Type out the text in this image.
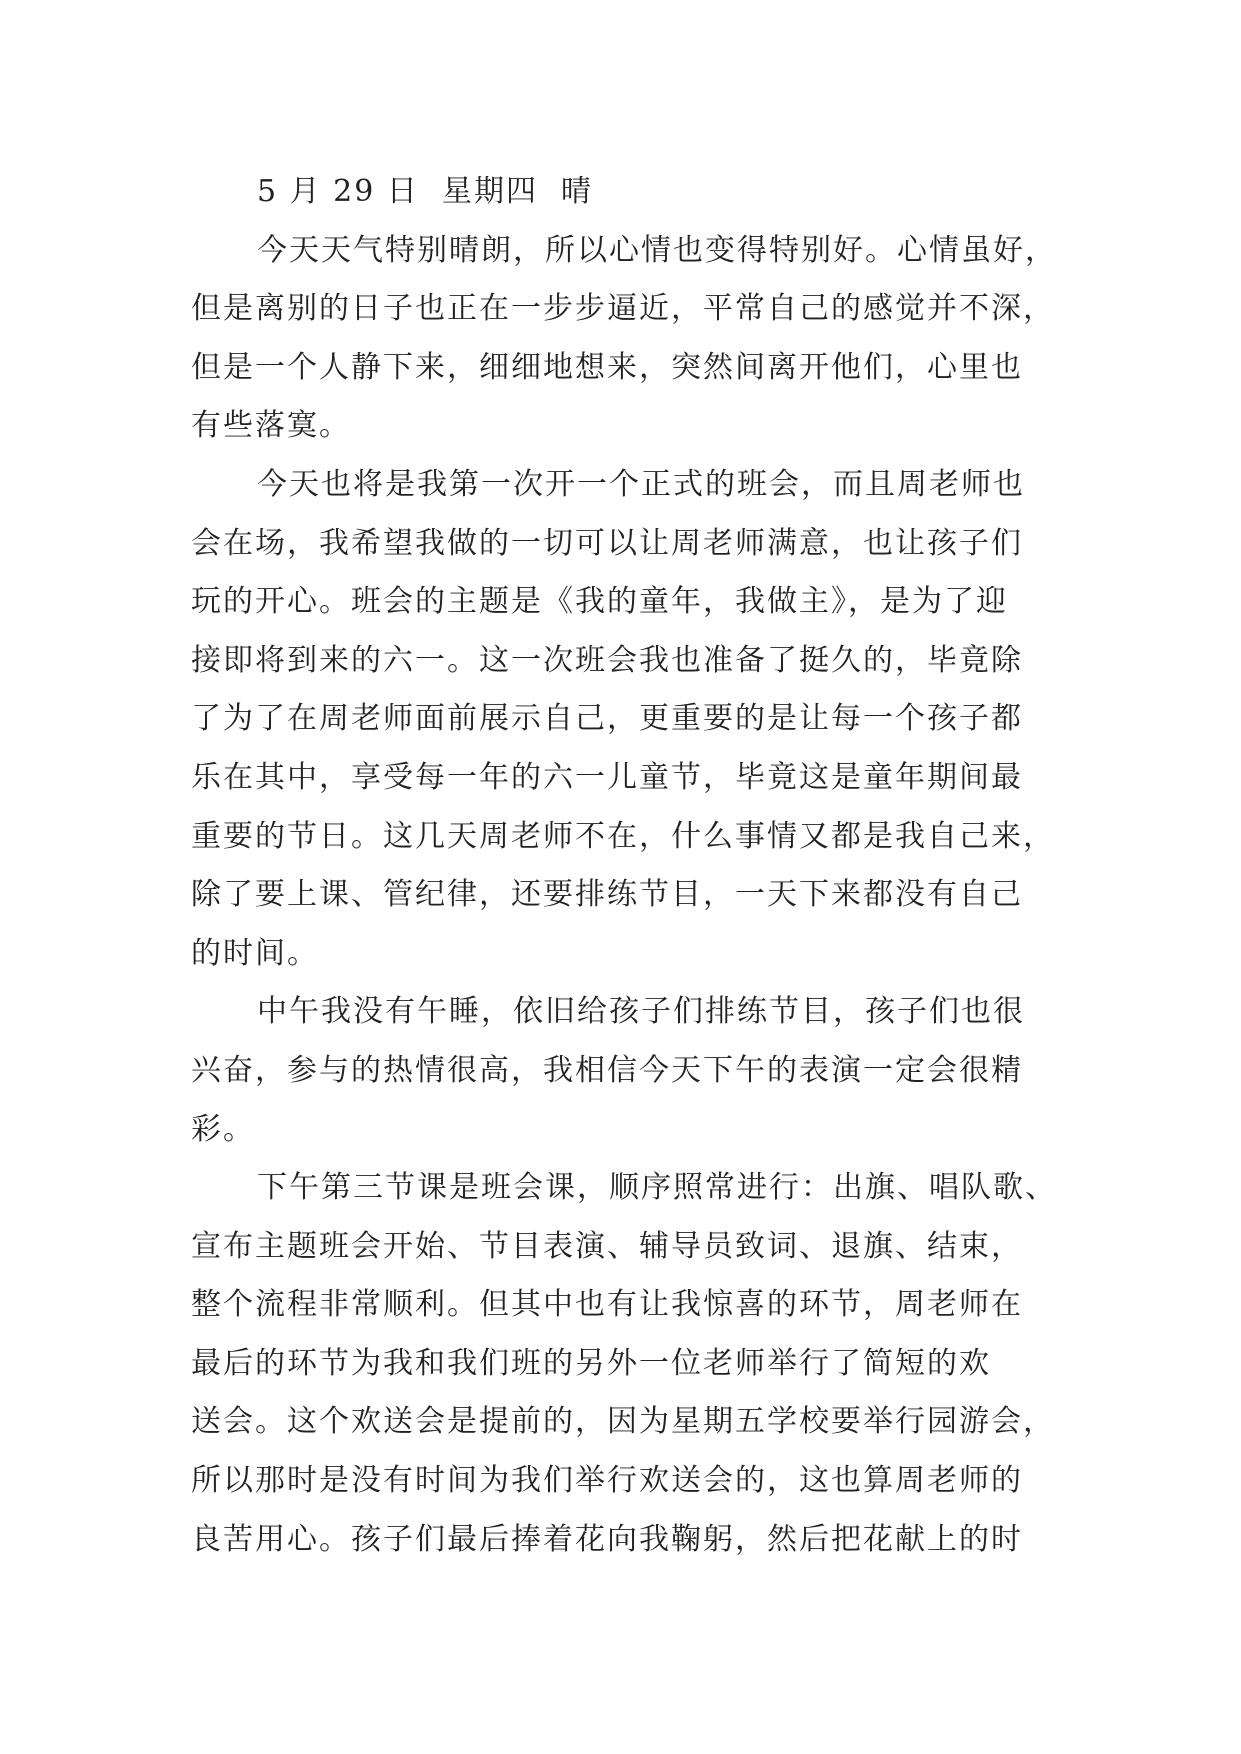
5 月 29 日  星期四  晴
今天天气特别晴朗，所以心情也变得特别好。心情虽好，
但是离别的日子也正在一步步逼近，平常自己的感觉并不深，
但是一个人静下来，细细地想来，突然间离开他们，心里也
有些落寞。
今天也将是我第一次开一个正式的班会，而且周老师也
会在场，我希望我做的一切可以让周老师满意，也让孩子们
玩的开心。班会的主题是《我的童年，我做主》，是为了迎
接即将到来的六一。这一次班会我也准备了挺久的，毕竟除
了为了在周老师面前展示自己，更重要的是让每一个孩子都
乐在其中，享受每一年的六一儿童节，毕竟这是童年期间最
重要的节日。这几天周老师不在，什么事情又都是我自己来，
除了要上课、管纪律，还要排练节目，一天下来都没有自己
的时间。
中午我没有午睡，依旧给孩子们排练节目，孩子们也很
兴奋，参与的热情很高，我相信今天下午的表演一定会很精
彩。
下午第三节课是班会课，顺序照常进行：出旗、唱队歌、
宣布主题班会开始、节目表演、辅导员致词、退旗、结束，
整个流程非常顺利。但其中也有让我惊喜的环节，周老师在
最后的环节为我和我们班的另外一位老师举行了简短的欢
送会。这个欢送会是提前的，因为星期五学校要举行园游会，
所以那时是没有时间为我们举行欢送会的，这也算周老师的
良苦用心。孩子们最后捧着花向我鞠躬，然后把花献上的时
